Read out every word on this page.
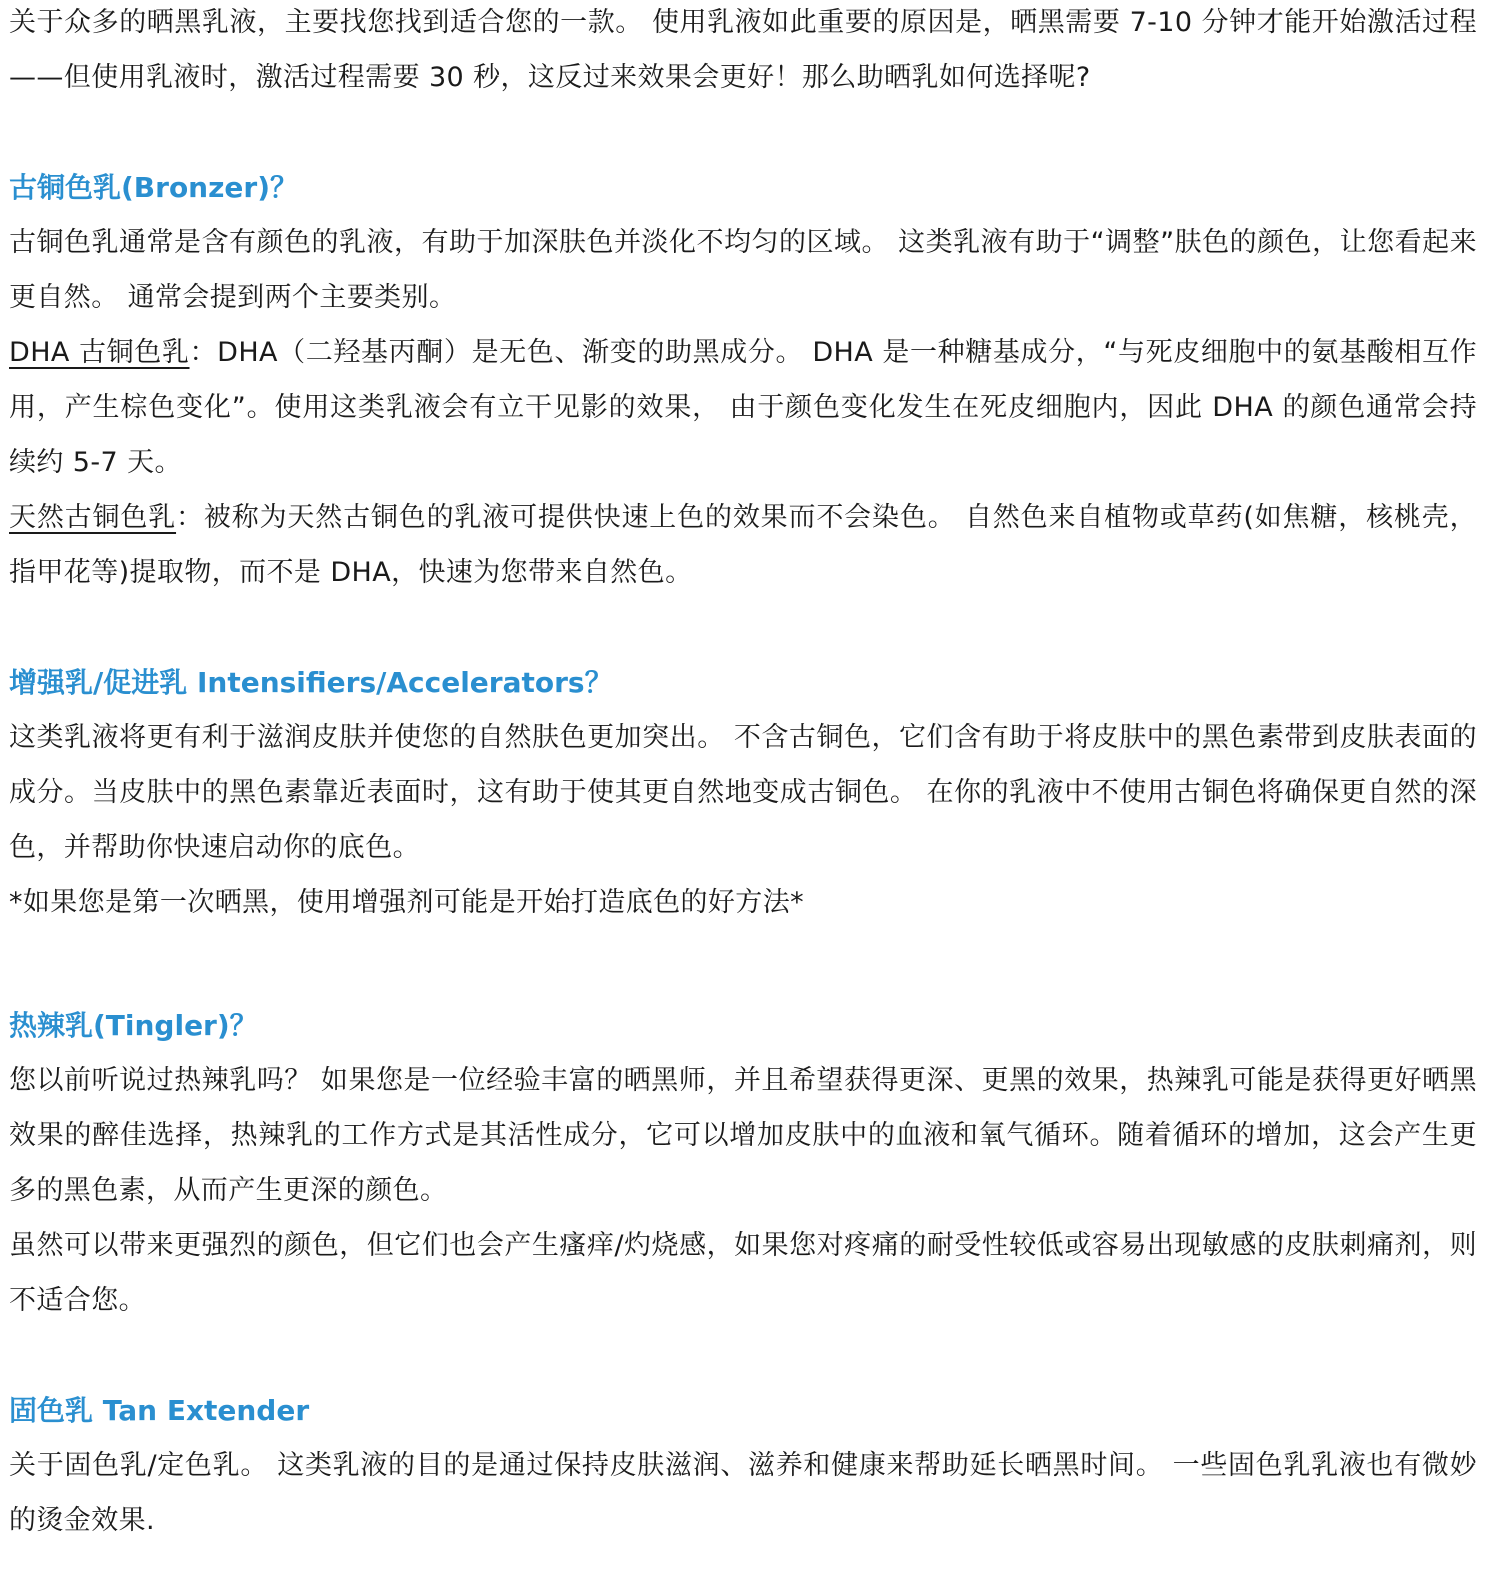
关于众多的晒黑乳液，主要找您找到适合您的一款。 使用乳液如此重要的原因是，晒黑需要 7-10 分钟才能开始激活过程——但使用乳液时，激活过程需要 30 秒，这反过来效果会更好！那么助晒乳如何选择呢?

古铜色乳(Bronzer)？

古铜色乳通常是含有颜色的乳液，有助于加深肤色并淡化不均匀的区域。 这类乳液有助于“调整”肤色的颜色，让您看起来更自然。 通常会提到两个主要类别。

DHA 古铜色乳：DHA（二羟基丙酮）是无色、渐变的助黑成分。 DHA 是一种糖基成分，“与死皮细胞中的氨基酸相互作用，产生棕色变化”。使用这类乳液会有立干见影的效果， 由于颜色变化发生在死皮细胞内，因此 DHA 的颜色通常会持续约 5-7 天。

天然古铜色乳：被称为天然古铜色的乳液可提供快速上色的效果而不会染色。 自然色来自植物或草药(如焦糖，核桃壳，指甲花等)提取物，而不是 DHA，快速为您带来自然色。

增强乳/促进乳 Intensifiers/Accelerators？

这类乳液将更有利于滋润皮肤并使您的自然肤色更加突出。 不含古铜色，它们含有助于将皮肤中的黑色素带到皮肤表面的成分。当皮肤中的黑色素靠近表面时，这有助于使其更自然地变成古铜色。 在你的乳液中不使用古铜色将确保更自然的深色，并帮助你快速启动你的底色。

*如果您是第一次晒黑，使用增强剂可能是开始打造底色的好方法*

热辣乳(Tingler)？

您以前听说过热辣乳吗？ 如果您是一位经验丰富的晒黑师，并且希望获得更深、更黑的效果，热辣乳可能是获得更好晒黑效果的醉佳选择，热辣乳的工作方式是其活性成分，它可以增加皮肤中的血液和氧气循环。随着循环的增加，这会产生更多的黑色素，从而产生更深的颜色。

虽然可以带来更强烈的颜色，但它们也会产生瘙痒/灼烧感，如果您对疼痛的耐受性较低或容易出现敏感的皮肤刺痛剂，则不适合您。

固色乳 Tan Extender

关于固色乳/定色乳。 这类乳液的目的是通过保持皮肤滋润、滋养和健康来帮助延长晒黑时间。 一些固色乳乳液也有微妙的烫金效果.
